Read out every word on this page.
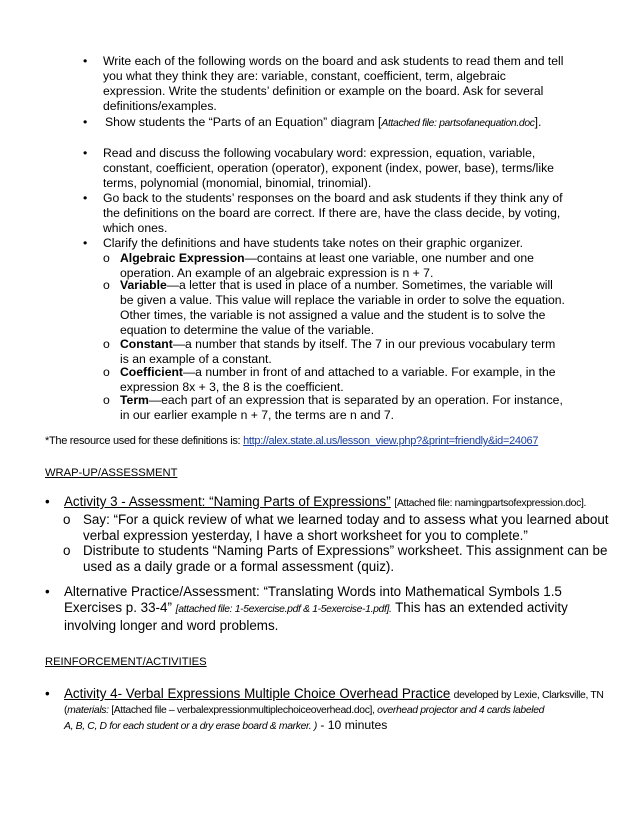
• Write each of the following words on the board and ask students to read them and tell
you what they think they are: variable, constant, coefficient, term, algebraic
expression. Write the students’ definition or example on the board. Ask for several
definitions/examples.
• Show students the “Parts of an Equation” diagram [Attached file: partsofanequation.doc].
• Read and discuss the following vocabulary word: expression, equation, variable,
constant, coefficient, operation (operator), exponent (index, power, base), terms/like
terms, polynomial (monomial, binomial, trinomial).
• Go back to the students’ responses on the board and ask students if they think any of
the definitions on the board are correct. If there are, have the class decide, by voting,
which ones.
• Clarify the definitions and have students take notes on their graphic organizer.
o Algebraic Expression—contains at least one variable, one number and one
operation. An example of an algebraic expression is n + 7.
o Variable—a letter that is used in place of a number. Sometimes, the variable will
be given a value. This value will replace the variable in order to solve the equation.
Other times, the variable is not assigned a value and the student is to solve the
equation to determine the value of the variable.
o Constant—a number that stands by itself. The 7 in our previous vocabulary term
is an example of a constant.
o Coefficient—a number in front of and attached to a variable. For example, in the
expression 8x + 3, the 8 is the coefficient.
o Term—each part of an expression that is separated by an operation. For instance,
in our earlier example n + 7, the terms are n and 7.
*The resource used for these definitions is: http://alex.state.al.us/lesson_view.php?&print=friendly&id=24067
WRAP-UP/ASSESSMENT
• Activity 3 - Assessment: “Naming Parts of Expressions” [Attached file: namingpartsofexpression.doc].
o Say: “For a quick review of what we learned today and to assess what you learned about
verbal expression yesterday, I have a short worksheet for you to complete.”
o Distribute to students “Naming Parts of Expressions” worksheet. This assignment can be
used as a daily grade or a formal assessment (quiz).
• Alternative Practice/Assessment: “Translating Words into Mathematical Symbols 1.5
Exercises p. 33-4” [attached file: 1-5exercise.pdf & 1-5exercise-1.pdf]. This has an extended activity
involving longer and word problems.
REINFORCEMENT/ACTIVITIES
• Activity 4- Verbal Expressions Multiple Choice Overhead Practice developed by Lexie, Clarksville, TN
(materials: [Attached file – verbalexpressionmultiplechoiceoverhead.doc], overhead projector and 4 cards labeled
A, B, C, D for each student or a dry erase board & marker. ) - 10 minutes
